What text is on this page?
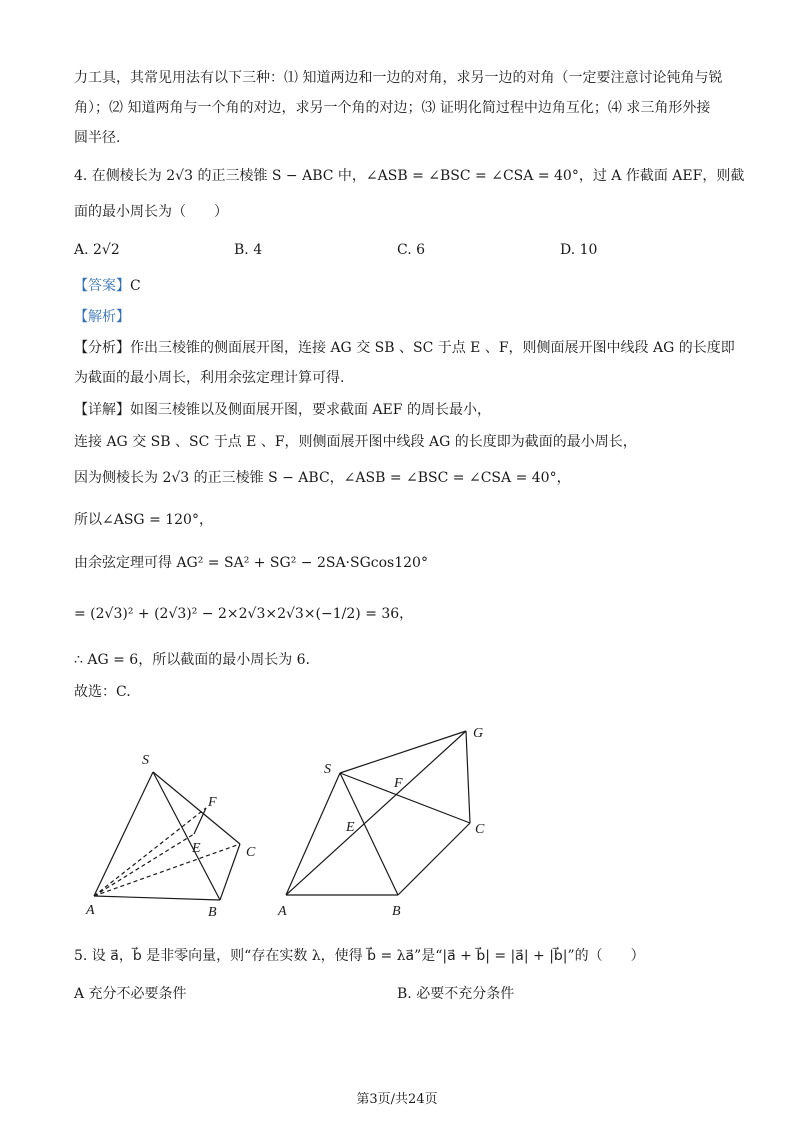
力工具，其常见用法有以下三种：⑴ 知道两边和一边的对角，求另一边的对角（一定要注意讨论钝角与锐
角）；⑵ 知道两角与一个角的对边，求另一个角的对边；⑶ 证明化简过程中边角互化；⑷ 求三角形外接
圆半径.
4. 在侧棱长为 2√3 的正三棱锥 S − ABC 中，∠ASB = ∠BSC = ∠CSA = 40°，过 A 作截面 AEF，则截
面的最小周长为（　　）
A. 2√2	B. 4	C. 6	D. 10
【答案】C
【解析】
【分析】作出三棱锥的侧面展开图，连接 AG 交 SB 、SC 于点 E 、F，则侧面展开图中线段 AG 的长度即
为截面的最小周长，利用余弦定理计算可得.
【详解】如图三棱锥以及侧面展开图，要求截面 AEF 的周长最小，
连接 AG 交 SB 、SC 于点 E 、F，则侧面展开图中线段 AG 的长度即为截面的最小周长，
因为侧棱长为 2√3 的正三棱锥 S − ABC，∠ASB = ∠BSC = ∠CSA = 40°，
所以∠ASG = 120°，
由余弦定理可得 AG² = SA² + SG² − 2SA·SGcos120°
= (2√3)² + (2√3)² − 2×2√3×2√3×(−1/2) = 36，
∴ AG = 6，所以截面的最小周长为 6.
故选：C.
S
F
E	C
A	B
S
G
F
E	C
A	B
5. 设 a⃗，b⃗ 是非零向量，则“存在实数 λ，使得 b⃗ = λa⃗”是“|a⃗ + b⃗| = |a⃗| + |b⃗|”的（　　）
A 充分不必要条件	B. 必要不充分条件
第3页/共24页
